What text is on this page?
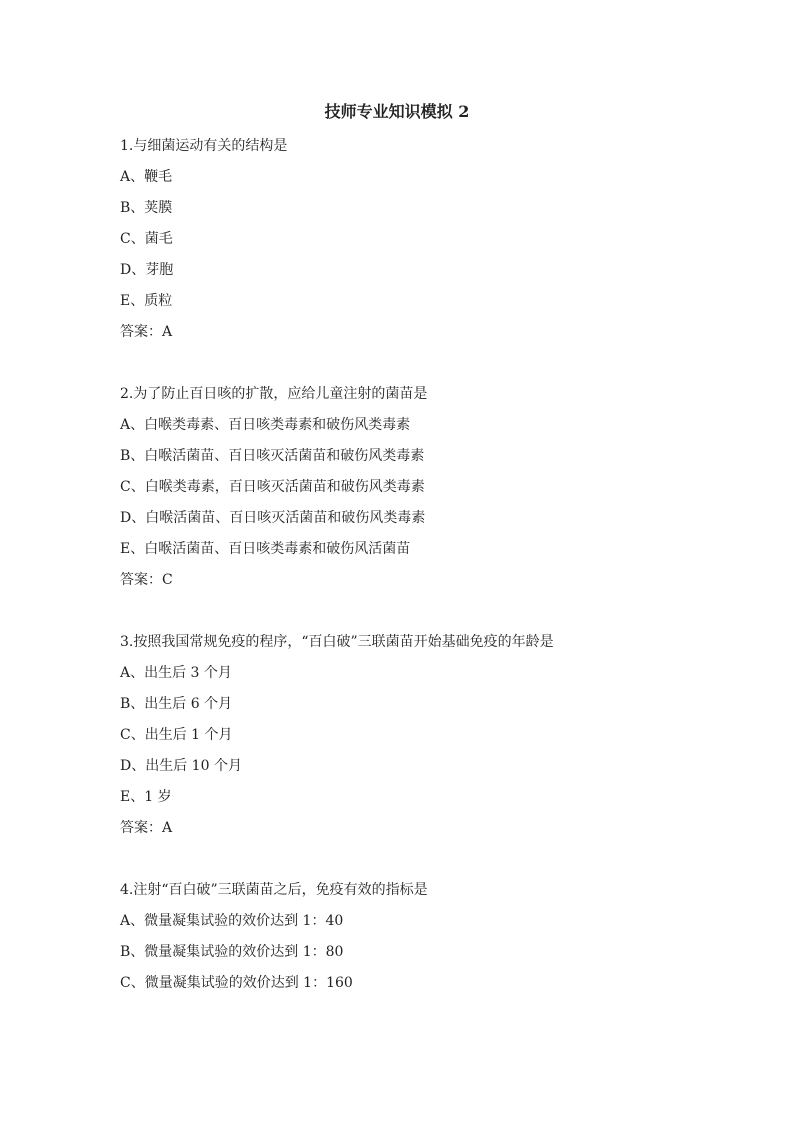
技师专业知识模拟 2
1.与细菌运动有关的结构是
A、鞭毛
B、荚膜
C、菌毛
D、芽胞
E、质粒
答案：A
2.为了防止百日咳的扩散，应给儿童注射的菌苗是
A、白喉类毒素、百日咳类毒素和破伤风类毒素
B、白喉活菌苗、百日咳灭活菌苗和破伤风类毒素
C、白喉类毒素，百日咳灭活菌苗和破伤风类毒素
D、白喉活菌苗、百日咳灭活菌苗和破伤风类毒素
E、白喉活菌苗、百日咳类毒素和破伤风活菌苗
答案：C
3.按照我国常规免疫的程序，“百白破”三联菌苗开始基础免疫的年龄是
A、出生后 3 个月
B、出生后 6 个月
C、出生后 1 个月
D、出生后 10 个月
E、1 岁
答案：A
4.注射“百白破”三联菌苗之后，免疫有效的指标是
A、微量凝集试验的效价达到 1：40
B、微量凝集试验的效价达到 1：80
C、微量凝集试验的效价达到 1：160
